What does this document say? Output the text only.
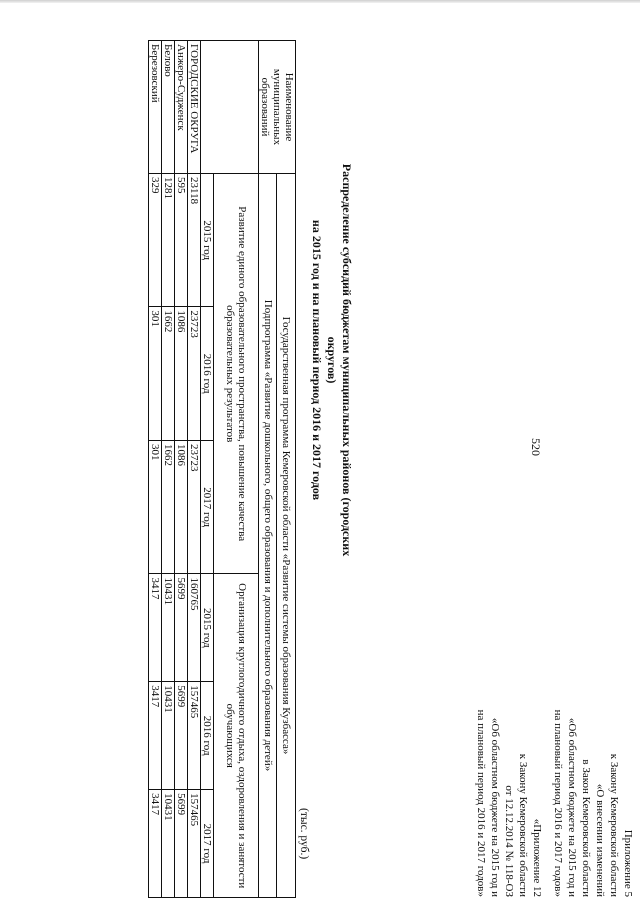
520
Приложение 5
к Закону Кемеровской области
«О внесении изменений
в Закон Кемеровской области
«Об областном бюджете на 2015 год и
на плановый период 2016 и 2017 годов»
«Приложение 12
к Закону Кемеровской области
от 12.12.2014 № 118-ОЗ
«Об областном бюджете на 2015 год и
на плановый период 2016 и 2017 годов»
Распределение субсидий бюджетам муниципальных районов (городских округов)
на 2015 год и на плановый период 2016 и 2017 годов
(тыс. руб.)
Наименование
муниципальных образований	Государственная программа Кемеровской области «Развитие системы образования Кузбасса»					
	Подпрограмма «Развитие дошкольного, общего образования и дополнительного образования детей»					
	Развитие единого образовательного пространства, повышение качества образовательных результатов			Организация круглогодичного отдыха, оздоровления и занятости обучающихся		
	2015 год	2016 год	2017 год	2015 год	2016 год	2017 год
ГОРОДСКИЕ ОКРУГА	23118	23723	23723	160765	157465	157465
Анжеро-Судженск	595	1086	1086	5699	5699	5699
Белово	1281	1662	1662	10431	10431	10431
Березовский	329	301	301	3417	3417	3417
